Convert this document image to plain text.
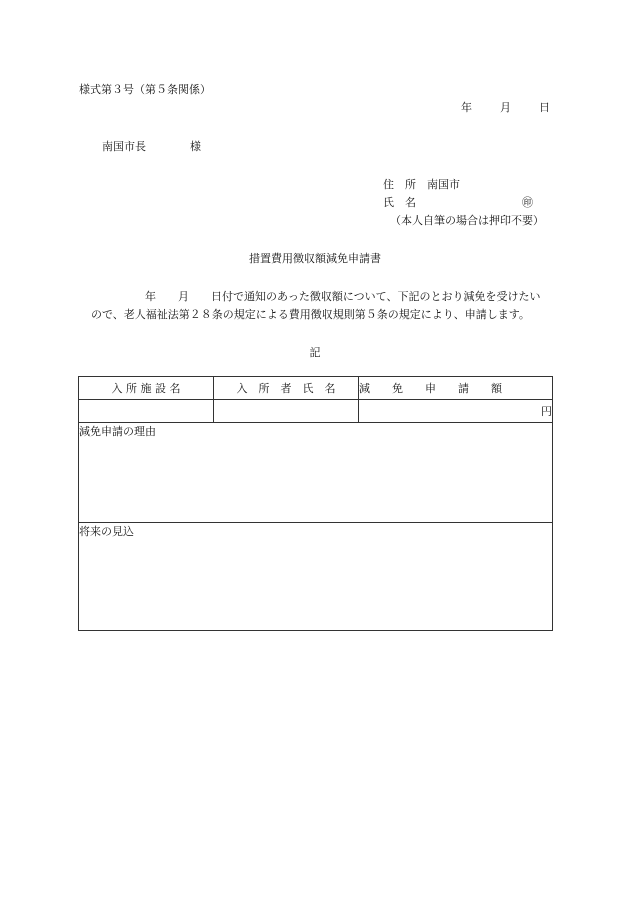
様式第３号（第５条関係）
年	月	日
南国市長　　　　様
住　所　南国市
氏　名	㊞
（本人自筆の場合は押印不要）
措置費用徴収額減免申請書
年　　月　　日付で通知のあった徴収額について、下記のとおり減免を受けたい
ので、老人福祉法第２８条の規定による費用徴収規則第５条の規定により、申請します。
記
入 所 施 設 名	入　所　者　氏　名	減　　免　　申　　請　　額
		円
減免申請の理由		
将来の見込		
